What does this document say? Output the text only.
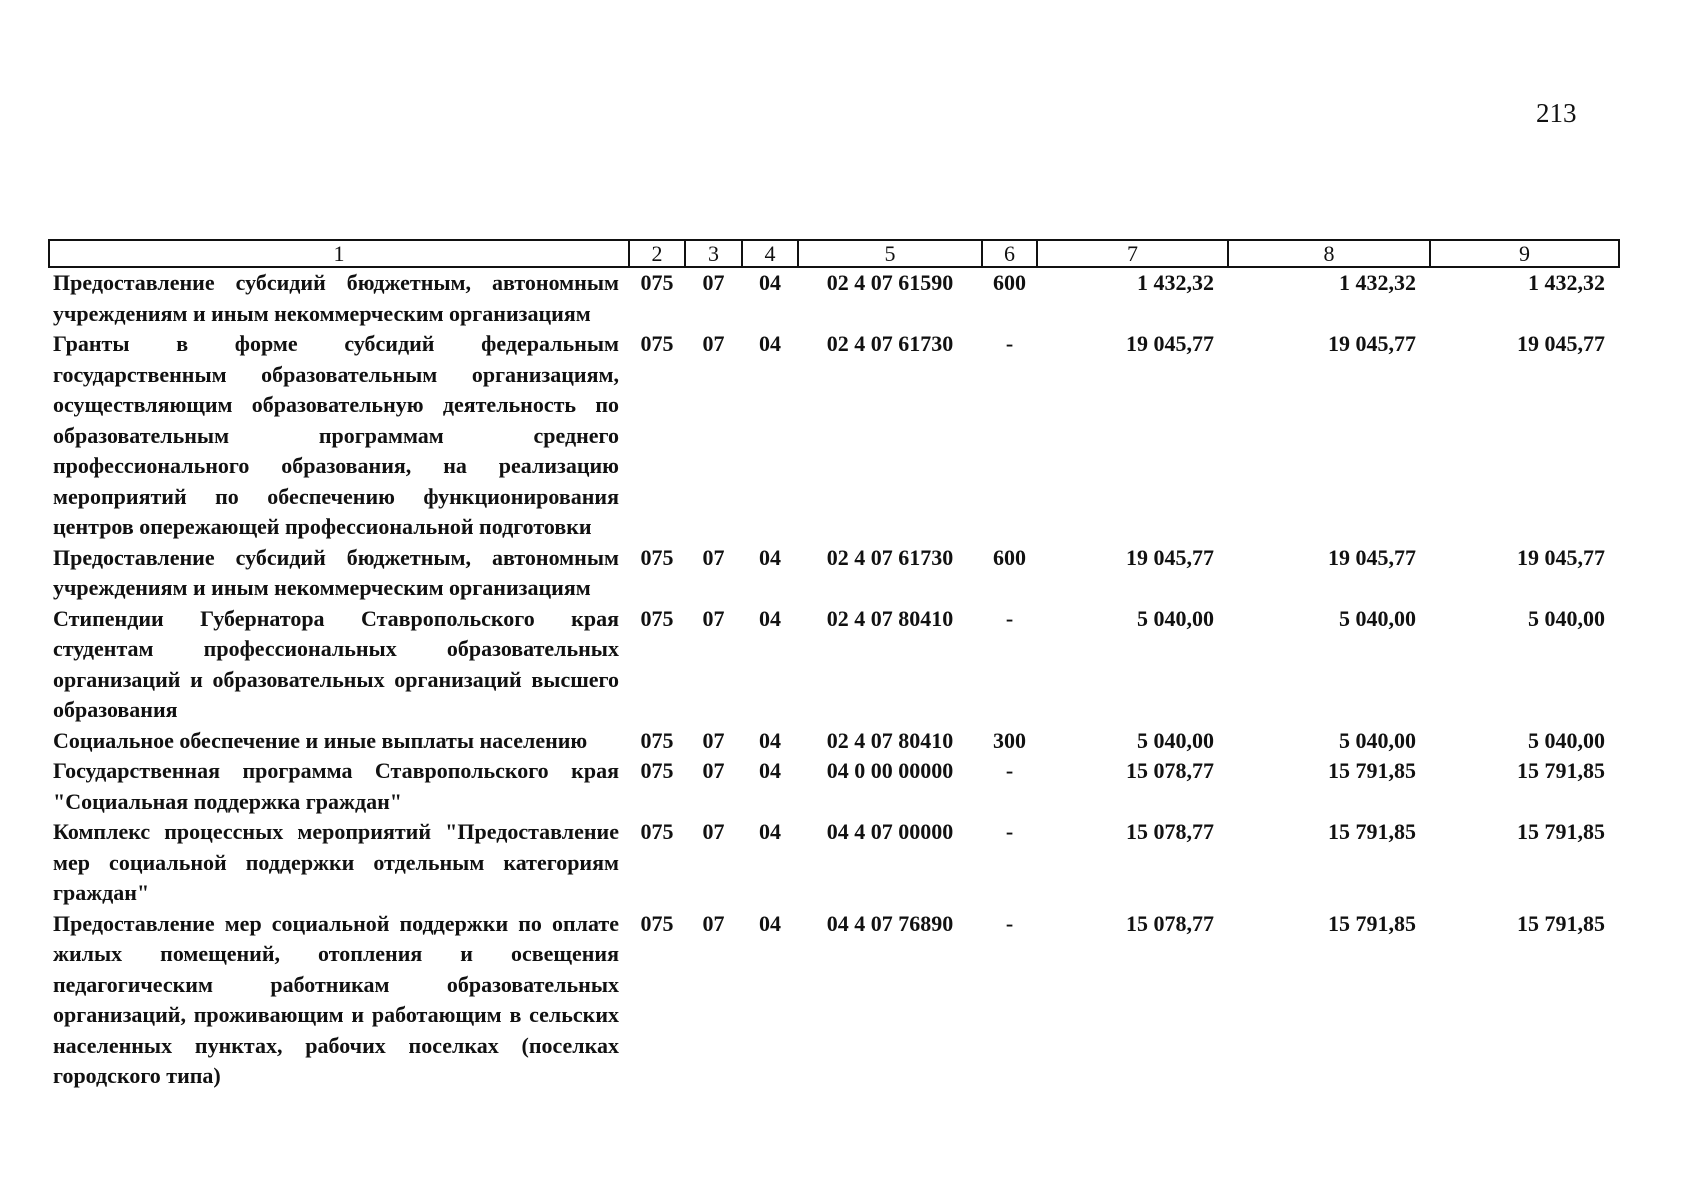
213
1	2	3	4	5	6	7	8	9
Предоставление субсидий бюджетным, автономным учреждениям и иным некоммерческим организациям	075	07	04	02 4 07 61590	600	1 432,32	1 432,32	1 432,32
Гранты в форме субсидий федеральным государственным образовательным организациям, осуществляющим образовательную деятельность по образовательным программам среднего профессионального образования, на реализацию мероприятий по обеспечению функционирования центров опережающей профессиональной подготовки	075	07	04	02 4 07 61730	-	19 045,77	19 045,77	19 045,77
Предоставление субсидий бюджетным, автономным учреждениям и иным некоммерческим организациям	075	07	04	02 4 07 61730	600	19 045,77	19 045,77	19 045,77
Стипендии Губернатора Ставропольского края студентам профессиональных образовательных организаций и образовательных организаций высшего образования	075	07	04	02 4 07 80410	-	5 040,00	5 040,00	5 040,00
Социальное обеспечение и иные выплаты населению	075	07	04	02 4 07 80410	300	5 040,00	5 040,00	5 040,00
Государственная программа Ставропольского края "Социальная поддержка граждан"	075	07	04	04 0 00 00000	-	15 078,77	15 791,85	15 791,85
Комплекс процессных мероприятий "Предоставление мер социальной поддержки отдельным категориям граждан"	075	07	04	04 4 07 00000	-	15 078,77	15 791,85	15 791,85
Предоставление мер социальной поддержки по оплате жилых помещений, отопления и освещения педагогическим работникам образовательных организаций, проживающим и работающим в сельских населенных пунктах, рабочих поселках (поселках городского типа)	075	07	04	04 4 07 76890	-	15 078,77	15 791,85	15 791,85
